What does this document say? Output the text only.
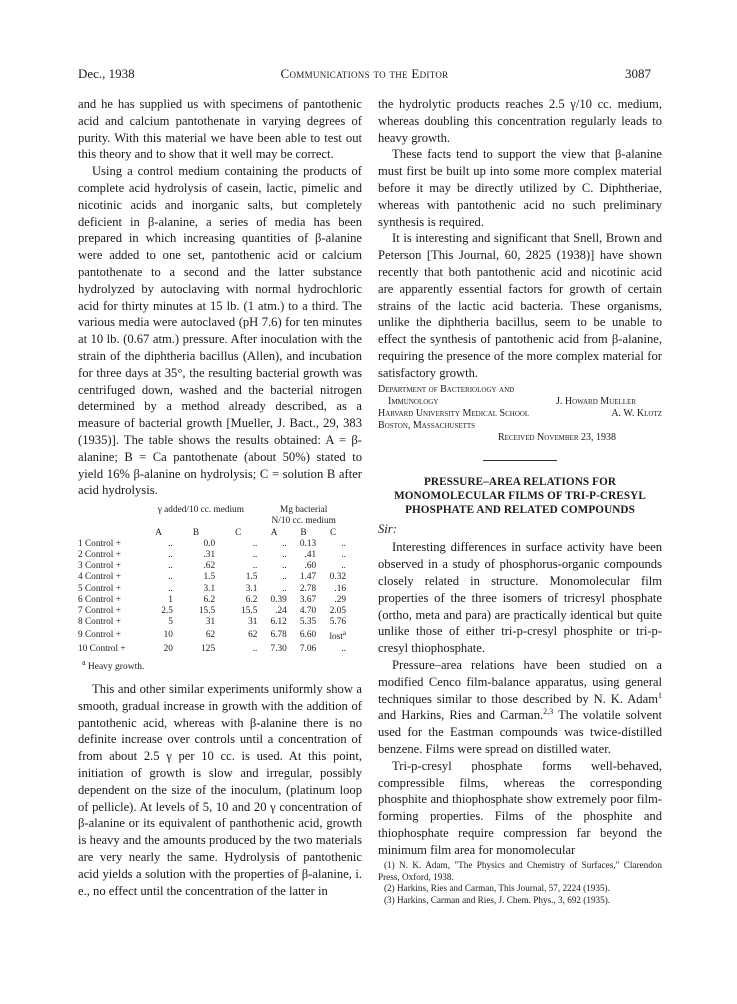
Dec., 1938	Communications to the Editor	3087

and he has supplied us with specimens of pantothenic acid and calcium pantothenate in varying degrees of purity. With this material we have been able to test out this theory and to show that it well may be correct.

Using a control medium containing the products of complete acid hydrolysis of casein, lactic, pimelic and nicotinic acids and inorganic salts, but completely deficient in β-alanine, a series of media has been prepared in which increasing quantities of β-alanine were added to one set, pantothenic acid or calcium pantothenate to a second and the latter substance hydrolyzed by autoclaving with normal hydrochloric acid for thirty minutes at 15 lb. (1 atm.) to a third. The various media were autoclaved (pH 7.6) for ten minutes at 10 lb. (0.67 atm.) pressure. After inoculation with the strain of the diphtheria bacillus (Allen), and incubation for three days at 35°, the resulting bacterial growth was centrifuged down, washed and the bacterial nitrogen determined by a method already described, as a measure of bacterial growth [Mueller, J. Bact., 29, 383 (1935)]. The table shows the results obtained: A = β-alanine; B = Ca pantothenate (about 50%) stated to yield 16% β-alanine on hydrolysis; C = solution B after acid hydrolysis.

	γ added/10 cc. medium			Mg bacterial		
				N/10 cc. medium		
	A	B	C	A	B	C
1 Control +	..	0.0	..	..	0.13	..
2 Control +	..	.31	..	..	.41	..
3 Control +	..	.62	..	..	.60	..
4 Control +	..	1.5	1.5	..	1.47	0.32
5 Control +	..	3.1	3.1	..	2.78	.16
6 Control +	1	6.2	6.2	0.39	3.67	.29
7 Control +	2.5	15.5	15.5	.24	4.70	2.05
8 Control +	5	31	31	6.12	5.35	5.76
9 Control +	10	62	62	6.78	6.60	lost$^a$
10 Control +	20	125	..	7.30	7.06	..
$^a$ Heavy growth.

This and other similar experiments uniformly show a smooth, gradual increase in growth with the addition of pantothenic acid, whereas with β-alanine there is no definite increase over controls until a concentration of from about 2.5 γ per 10 cc. is used. At this point, initiation of growth is slow and irregular, possibly dependent on the size of the inoculum, (platinum loop of pellicle). At levels of 5, 10 and 20 γ concentration of β-alanine or its equivalent of panthothenic acid, growth is heavy and the amounts produced by the two materials are very nearly the same. Hydrolysis of pantothenic acid yields a solution with the properties of β-alanine, i. e., no effect until the concentration of the latter in

the hydrolytic products reaches 2.5 γ/10 cc. medium, whereas doubling this concentration regularly leads to heavy growth.

These facts tend to support the view that β-alanine must first be built up into some more complex material before it may be directly utilized by C. Diphtheriae, whereas with pantothenic acid no such preliminary synthesis is required.

It is interesting and significant that Snell, Brown and Peterson [This Journal, 60, 2825 (1938)] have shown recently that both pantothenic acid and nicotinic acid are apparently essential factors for growth of certain strains of the lactic acid bacteria. These organisms, unlike the diphtheria bacillus, seem to be unable to effect the synthesis of pantothenic acid from β-alanine, requiring the presence of the more complex material for satisfactory growth.

Department of Bacteriology and
Immunology	J. Howard Mueller
Harvard University Medical School	A. W. Klotz
Boston, Massachusetts
Received November 23, 1938
PRESSURE–AREA RELATIONS FOR MONOMOLECULAR FILMS OF TRI-P-CRESYL PHOSPHATE AND RELATED COMPOUNDS
Sir:

Interesting differences in surface activity have been observed in a study of phosphorus-organic compounds closely related in structure. Monomolecular film properties of the three isomers of tricresyl phosphate (ortho, meta and para) are practically identical but quite unlike those of either tri-p-cresyl phosphite or tri-p-cresyl thiophosphate.

Pressure–area relations have been studied on a modified Cenco film-balance apparatus, using general techniques similar to those described by N. K. Adam$^1$ and Harkins, Ries and Carman.$^{2,3}$ The volatile solvent used for the Eastman compounds was twice-distilled benzene. Films were spread on distilled water.

Tri-p-cresyl phosphate forms well-behaved, compressible films, whereas the corresponding phosphite and thiophosphate show extremely poor film-forming properties. Films of the phosphite and thiophosphate require compression far beyond the minimum film area for monomolecular

(1) N. K. Adam, "The Physics and Chemistry of Surfaces," Clarendon Press, Oxford, 1938.
(2) Harkins, Ries and Carman, This Journal, 57, 2224 (1935).
(3) Harkins, Carman and Ries, J. Chem. Phys., 3, 692 (1935).
